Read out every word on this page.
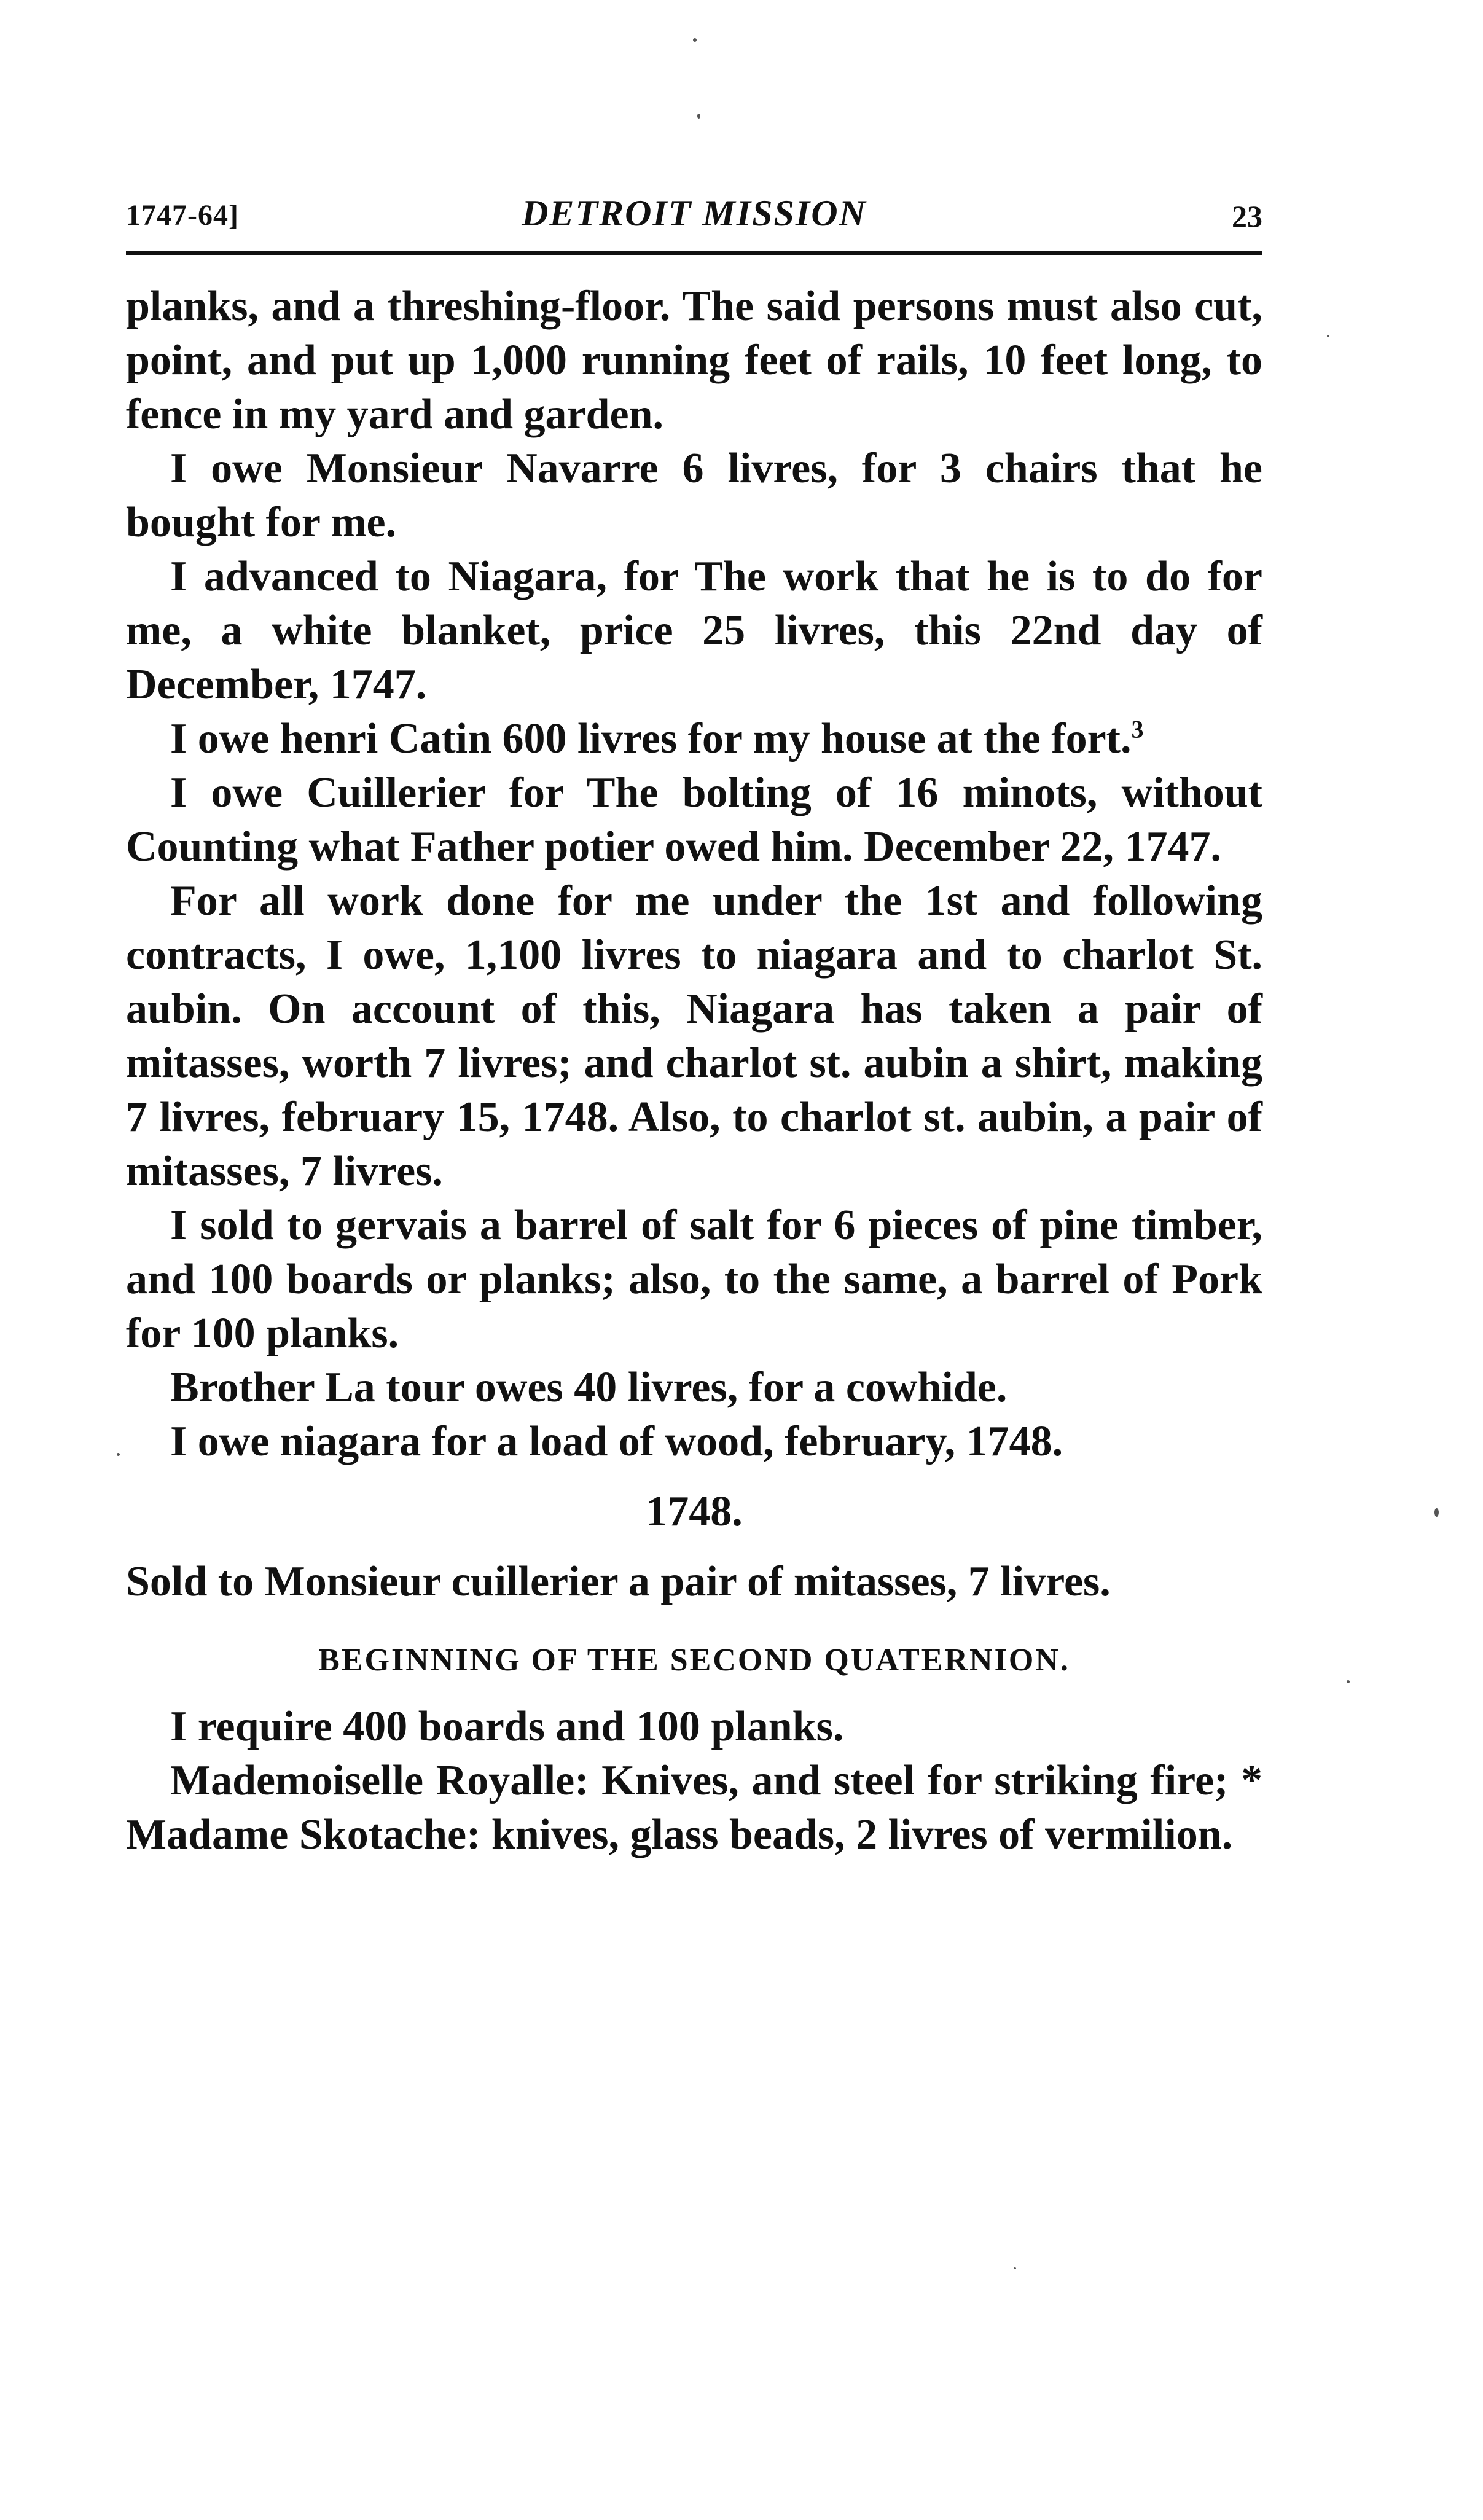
1747-64]	DETROIT MISSION	23

planks, and a threshing-floor. The said persons must also cut, point, and put up 1,000 running feet of rails, 10 feet long, to fence in my yard and garden.

I owe Monsieur Navarre 6 livres, for 3 chairs that he bought for me.

I advanced to Niagara, for The work that he is to do for me, a white blanket, price 25 livres, this 22nd day of December, 1747.

I owe henri Catin 600 livres for my house at the fort.$^3$

I owe Cuillerier for The bolting of 16 minots, without Counting what Father potier owed him. December 22, 1747.

For all work done for me under the 1st and following contracts, I owe, 1,100 livres to niagara and to charlot St. aubin. On account of this, Niagara has taken a pair of mitasses, worth 7 livres; and charlot st. aubin a shirt, making 7 livres, february 15, 1748. Also, to charlot st. aubin, a pair of mitasses, 7 livres.

I sold to gervais a barrel of salt for 6 pieces of pine timber, and 100 boards or planks; also, to the same, a barrel of Pork for 100 planks.

Brother La tour owes 40 livres, for a cowhide.

I owe niagara for a load of wood, february, 1748.

1748.

Sold to Monsieur cuillerier a pair of mitasses, 7 livres.

BEGINNING OF THE SECOND QUATERNION.

I require 400 boards and 100 planks.

Mademoiselle Royalle: Knives, and steel for striking fire; * Madame Skotache: knives, glass beads, 2 livres of vermilion.
